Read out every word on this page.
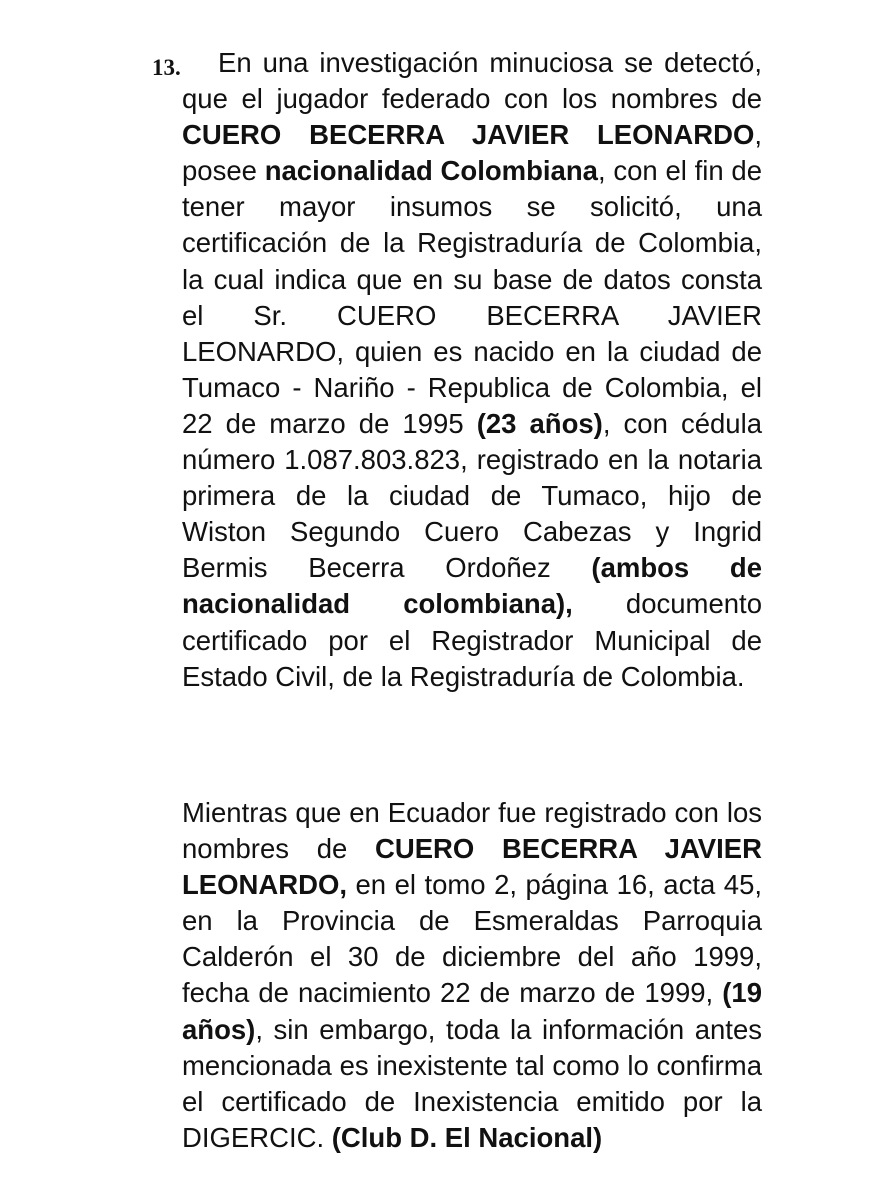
13.	En una investigación minuciosa se detectó, que el jugador federado con los nombres de CUERO BECERRA JAVIER LEONARDO, posee nacionalidad Colombiana, con el fin de tener mayor insumos se solicitó, una certificación de la Registraduría de Colombia, la cual indica que en su base de datos consta el Sr. CUERO BECERRA JAVIER LEONARDO, quien es nacido en la ciudad de Tumaco - Nariño - Republica de Colombia, el 22 de marzo de 1995 (23 años), con cédula número 1.087.803.823, registrado en la notaria primera de la ciudad de Tumaco, hijo de Wiston Segundo Cuero Cabezas y Ingrid Bermis Becerra Ordoñez (ambos de nacionalidad colombiana), documento certificado por el Registrador Municipal de Estado Civil, de la Registraduría de Colombia.

Mientras que en Ecuador fue registrado con los nombres de CUERO BECERRA JAVIER LEONARDO, en el tomo 2, página 16, acta 45, en la Provincia de Esmeraldas Parroquia Calderón el 30 de diciembre del año 1999, fecha de nacimiento 22 de marzo de 1999, (19 años), sin embargo, toda la información antes mencionada es inexistente tal como lo confirma el certificado de Inexistencia emitido por la DIGERCIC. (Club D. El Nacional)
